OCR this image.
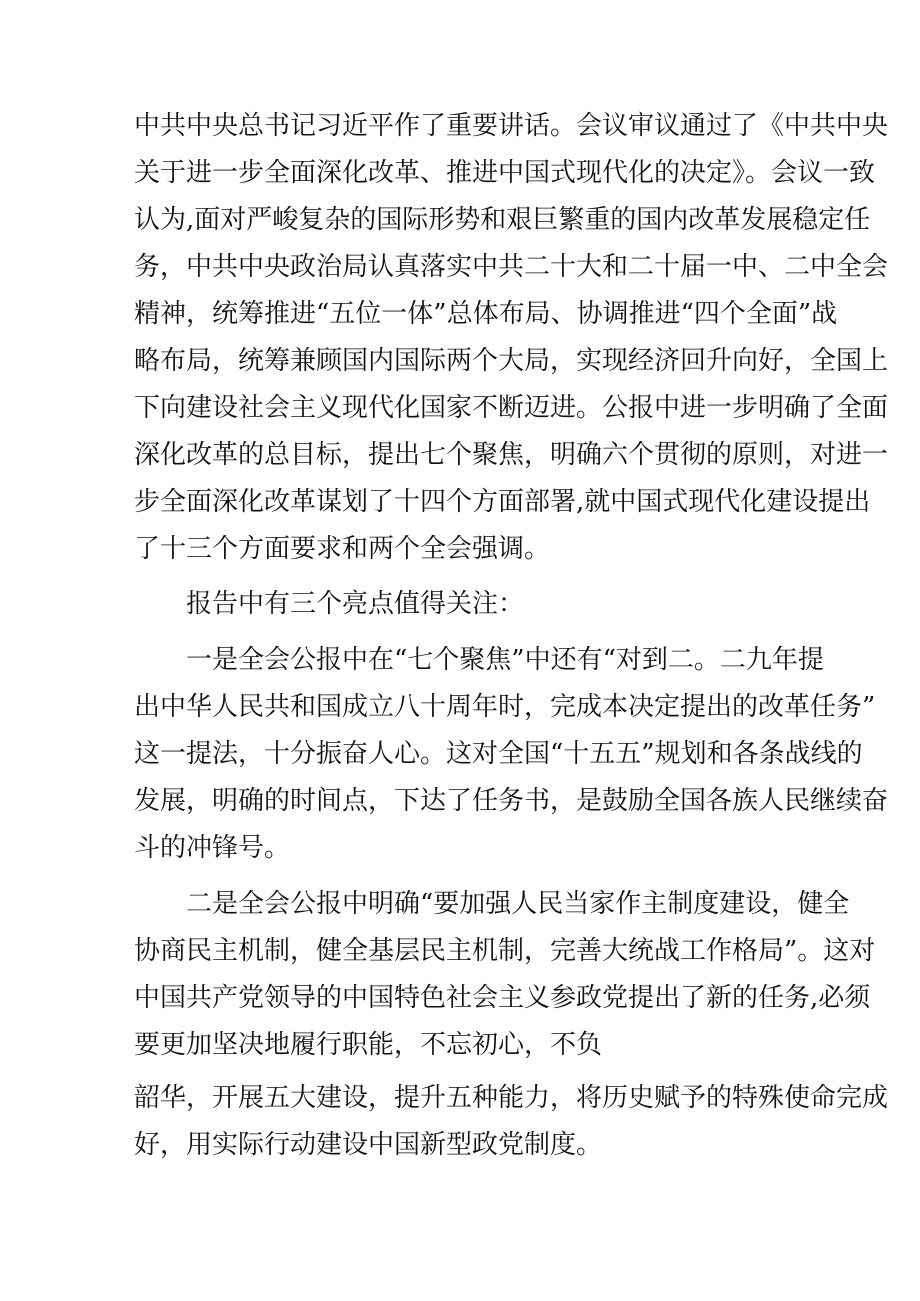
中共中央总书记习近平作了重要讲话。会议审议通过了《中共中央
关于进一步全面深化改革、推进中国式现代化的决定》。会议一致
认为,面对严峻复杂的国际形势和艰巨繁重的国内改革发展稳定任
务，中共中央政治局认真落实中共二十大和二十届一中、二中全会
精神，统筹推进“五位一体”总体布局、协调推进“四个全面”战
略布局，统筹兼顾国内国际两个大局，实现经济回升向好，全国上
下向建设社会主义现代化国家不断迈进。公报中进一步明确了全面
深化改革的总目标，提出七个聚焦，明确六个贯彻的原则，对进一
步全面深化改革谋划了十四个方面部署,就中国式现代化建设提出
了十三个方面要求和两个全会强调。
报告中有三个亮点值得关注：
一是全会公报中在“七个聚焦”中还有“对到二。二九年提
出中华人民共和国成立八十周年时，完成本决定提出的改革任务”
这一提法，十分振奋人心。这对全国“十五五”规划和各条战线的
发展，明确的时间点，下达了任务书，是鼓励全国各族人民继续奋
斗的冲锋号。
二是全会公报中明确“要加强人民当家作主制度建设，健全
协商民主机制，健全基层民主机制，完善大统战工作格局”。这对
中国共产党领导的中国特色社会主义参政党提出了新的任务,必须
要更加坚决地履行职能，不忘初心，不负
韶华，开展五大建设，提升五种能力，将历史赋予的特殊使命完成
好，用实际行动建设中国新型政党制度。
